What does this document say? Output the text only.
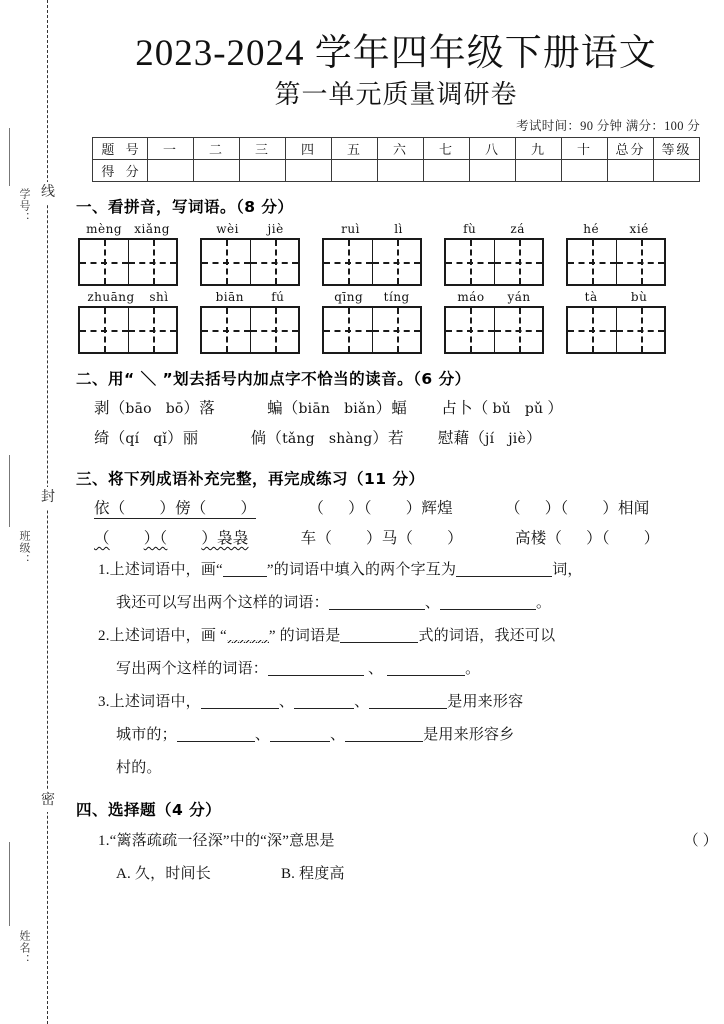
线
封
密
学号：
班级：
姓名：
2023-2024 学年四年级下册语文
第一单元质量调研卷
考试时间：90 分钟 满分：100 分
题 号	一	二	三	四	五	六	七	八	九	十	总分	等级
得 分												
一、看拼音，写词语。（8 分）
mèng xiǎng	wèi jiè	ruì	lì	fù	zá	hé	xié
zhuāng shì	biān fú	qīng tíng	máo yán	tà	bù
二、用“ ＼ ”划去括号内加点字不恰当的读音。（6 分）
剥（bāo bō）落	蝙（biān biǎn）蝠 占卜（ bǔ pǔ ）
绮（qí qǐ）丽	倘（tǎng shàng）若 慰藉（jí jiè）
三、将下列成语补充完整，再完成练习（11 分）
依（ ）傍（ ）	（ ）（ ）辉煌	（ ）（ ）相闻
（ ）（ ）袅袅	车（ ）马（ ）	高楼（ ）（ ）
1.上述词语中，画“	”的词语中填入的两个字互为	词，
我还可以写出两个这样的词语：	、	。
2.上述词语中，画 “	” 的词语是	式的词语，我还可以
写出两个这样的词语：	、	。
3.上述词语中，	、	、	是用来形容
城市的；	、	、	是用来形容乡
村的。
四、选择题（4 分）
1.“篱落疏疏一径深”中的“深”意思是	（ ）
A. 久，时间长	B. 程度高
